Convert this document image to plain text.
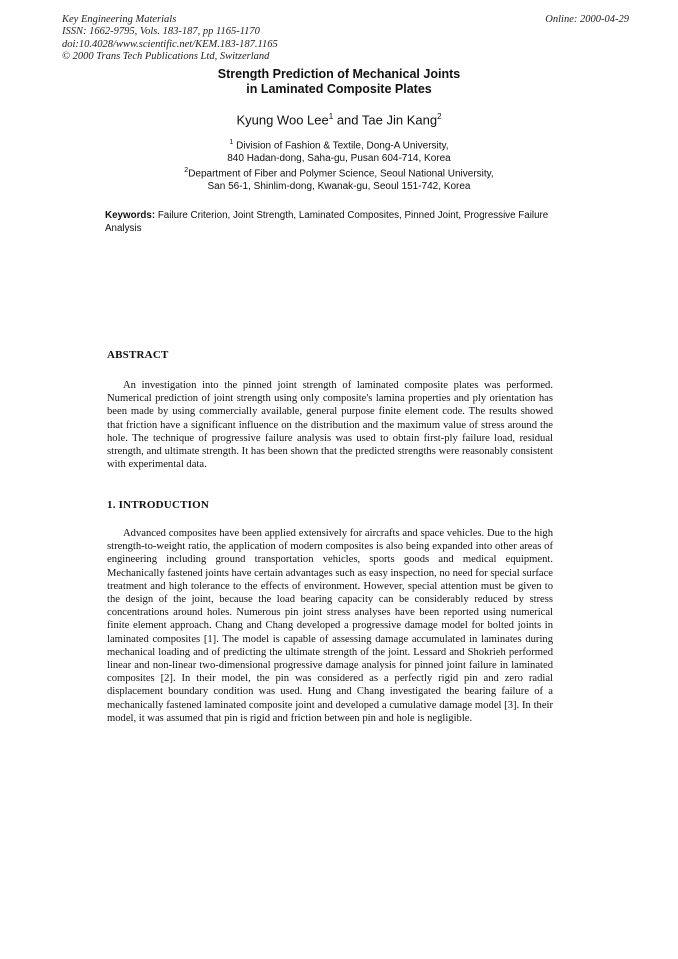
Key Engineering Materials
ISSN: 1662-9795, Vols. 183-187, pp 1165-1170
doi:10.4028/www.scientific.net/KEM.183-187.1165
© 2000 Trans Tech Publications Ltd, Switzerland
Online: 2000-04-29
Strength Prediction of Mechanical Joints
in Laminated Composite Plates
Kyung Woo Lee$^1$ and Tae Jin Kang$^2$
$^1$ Division of Fashion & Textile, Dong-A University,
840 Hadan-dong, Saha-gu, Pusan 604-714, Korea
$^2$Department of Fiber and Polymer Science, Seoul National University,
San 56-1, Shinlim-dong, Kwanak-gu, Seoul 151-742, Korea
Keywords: Failure Criterion, Joint Strength, Laminated Composites, Pinned Joint, Progressive Failure Analysis
ABSTRACT
An investigation into the pinned joint strength of laminated composite plates was performed. Numerical prediction of joint strength using only composite's lamina properties and ply orientation has been made by using commercially available, general purpose finite element code. The results showed that friction have a significant influence on the distribution and the maximum value of stress around the hole. The technique of progressive failure analysis was used to obtain first-ply failure load, residual strength, and ultimate strength. It has been shown that the predicted strengths were reasonably consistent with experimental data.
1. INTRODUCTION
Advanced composites have been applied extensively for aircrafts and space vehicles. Due to the high strength-to-weight ratio, the application of modern composites is also being expanded into other areas of engineering including ground transportation vehicles, sports goods and medical equipment. Mechanically fastened joints have certain advantages such as easy inspection, no need for special surface treatment and high tolerance to the effects of environment. However, special attention must be given to the design of the joint, because the load bearing capacity can be considerably reduced by stress concentrations around holes. Numerous pin joint stress analyses have been reported using numerical finite element approach. Chang and Chang developed a progressive damage model for bolted joints in laminated composites [1]. The model is capable of assessing damage accumulated in laminates during mechanical loading and of predicting the ultimate strength of the joint. Lessard and Shokrieh performed linear and non-linear two-dimensional progressive damage analysis for pinned joint failure in laminated composites [2]. In their model, the pin was considered as a perfectly rigid pin and zero radial displacement boundary condition was used. Hung and Chang investigated the bearing failure of a mechanically fastened laminated composite joint and developed a cumulative damage model [3]. In their model, it was assumed that pin is rigid and friction between pin and hole is negligible.
